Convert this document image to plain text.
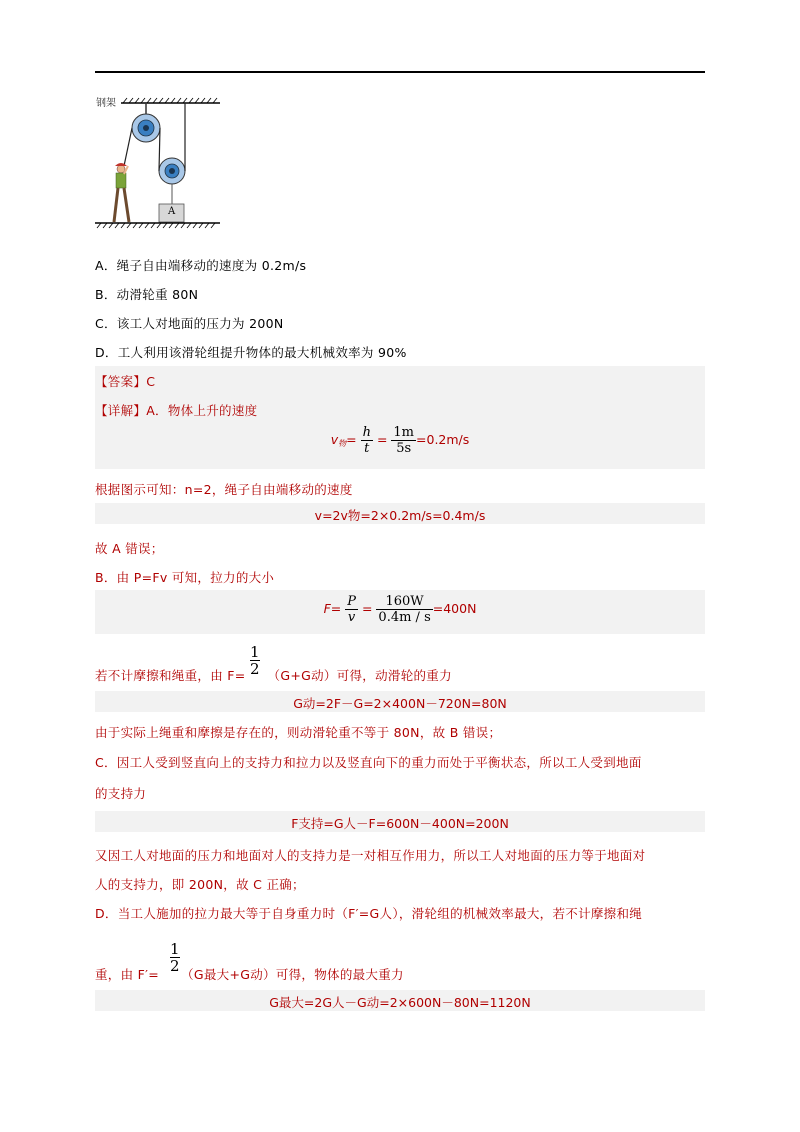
钢架
A
A．绳子自由端移动的速度为 0.2m/s
B．动滑轮重 80N
C．该工人对地面的压力为 200N
D．工人利用该滑轮组提升物体的最大机械效率为 90%
【答案】C
【详解】A．物体上升的速度
$v_物= \frac{h}{t} = \frac{1m}{5s} =0.2m/s$
根据图示可知：n=2，绳子自由端移动的速度
v=2v物=2×0.2m/s=0.4m/s
故 A 错误；
B．由 P=Fv 可知，拉力的大小
$F= \frac{P}{v} = \frac{160W}{0.4m / s} =400N$
1
2
若不计摩擦和绳重，由 F= （G+G动）可得，动滑轮的重力
G动=2F－G=2×400N－720N=80N
由于实际上绳重和摩擦是存在的，则动滑轮重不等于 80N，故 B 错误；
C．因工人受到竖直向上的支持力和拉力以及竖直向下的重力而处于平衡状态，所以工人受到地面
的支持力
F支持=G人－F=600N－400N=200N
又因工人对地面的压力和地面对人的支持力是一对相互作用力，所以工人对地面的压力等于地面对
人的支持力，即 200N，故 C 正确；
D．当工人施加的拉力最大等于自身重力时（F′=G人），滑轮组的机械效率最大，若不计摩擦和绳
1
2
重，由 F′= （G最大+G动）可得，物体的最大重力
G最大=2G人－G动=2×600N－80N=1120N
